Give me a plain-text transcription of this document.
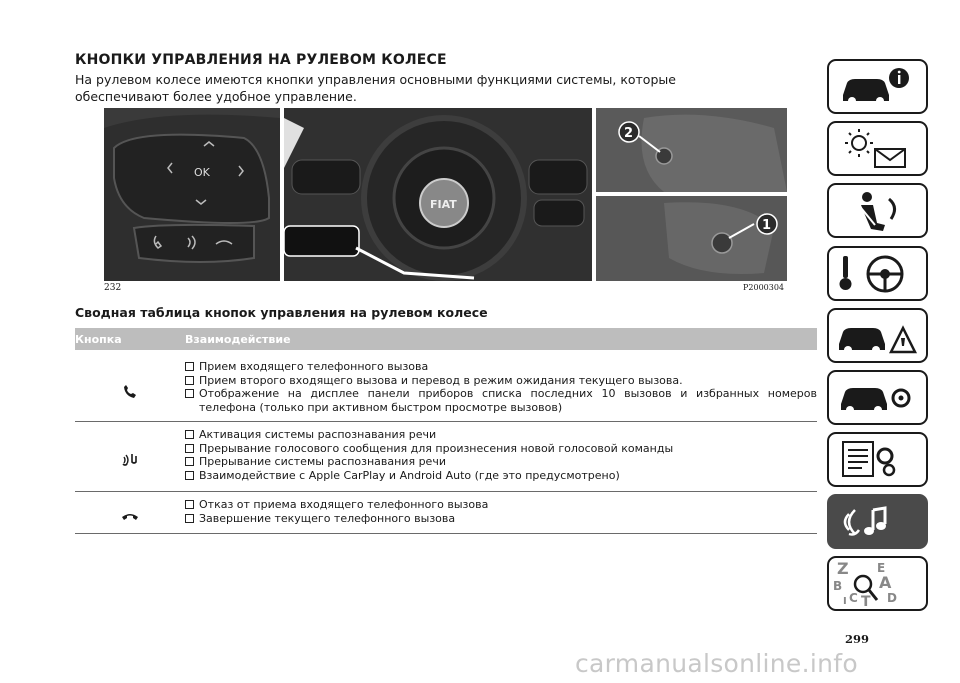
КНОПКИ УПРАВЛЕНИЯ НА РУЛЕВОМ КОЛЕСЕ
На рулевом колесе имеются кнопки управления основными функциями системы, которые обеспечивают более удобное управление.
OK
FIAT
2
1
232	P2000304
Сводная таблица кнопок управления на рулевом колесе
Кнопка	Взаимодействие
Прием входящего телефонного вызова
Прием второго входящего вызова и перевод в режим ожидания текущего вызова.
Отображение на дисплее панели приборов списка последних 10 вызовов и избранных номеров телефона (только при активном быстром просмотре вызовов)
Активация системы распознавания речи
Прерывание голосового сообщения для произнесения новой голосовой команды
Прерывание системы распознавания речи
Взаимодействие с Apple CarPlay и Android Auto (где это предусмотрено)
Отказ от приема входящего телефонного вызова
Завершение текущего телефонного вызова
Z E
B A
C T D
I
299
carmanualsonline.info
